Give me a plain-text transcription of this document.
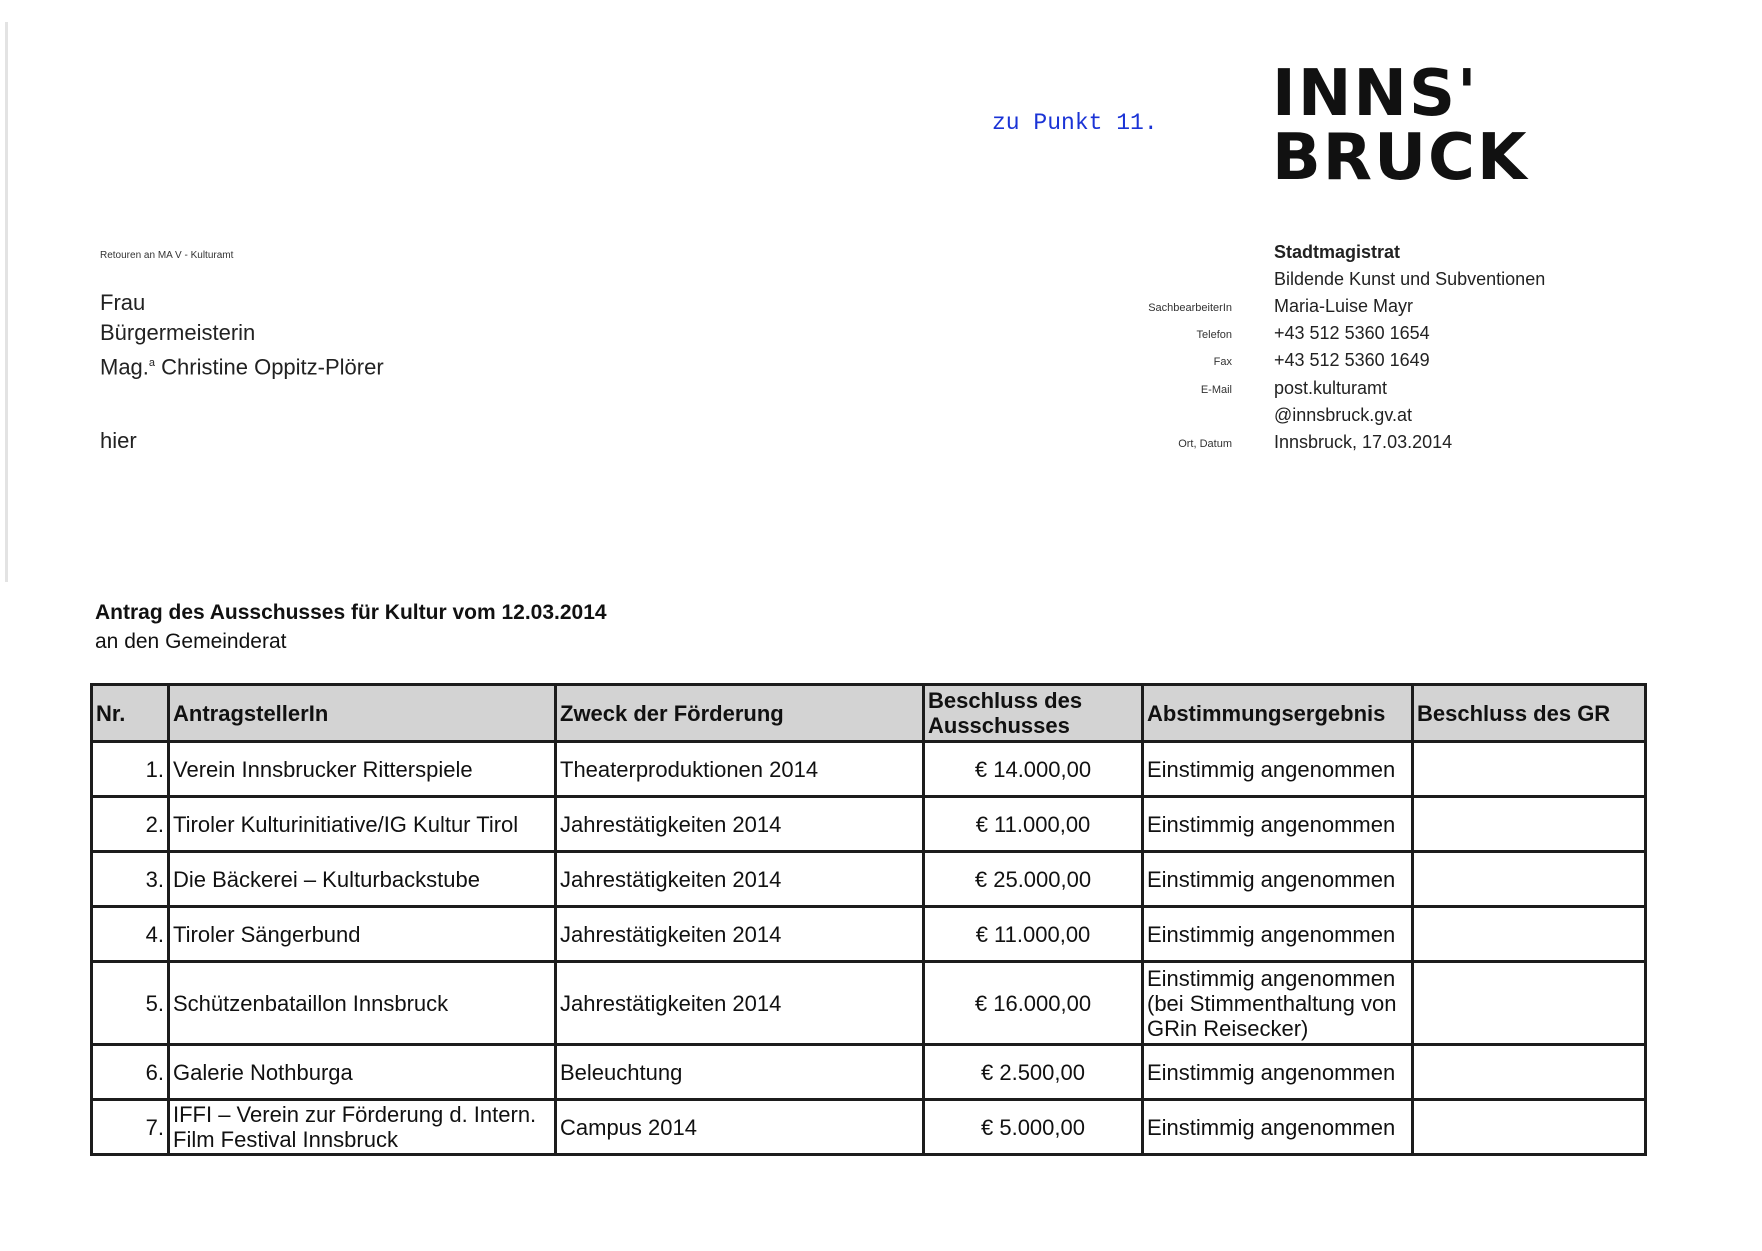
zu Punkt 11. INNS'
BRUCK
Retouren an MA V - Kulturamt
Frau
Bürgermeisterin
Mag.$^a$ Christine Oppitz-Plörer
hier
Stadtmagistrat
Bildende Kunst und Subventionen
SachbearbeiterIn Maria-Luise Mayr
Telefon +43 512 5360 1654
Fax +43 512 5360 1649
E-Mail post.kulturamt
@innsbruck.gv.at
Ort, Datum Innsbruck, 17.03.2014
Antrag des Ausschusses für Kultur vom 12.03.2014
an den Gemeinderat
Nr.	AntragstellerIn	Zweck der Förderung	Beschluss des Ausschusses	Abstimmungsergebnis	Beschluss des GR
1.	Verein Innsbrucker Ritterspiele	Theaterproduktionen 2014	€ 14.000,00	Einstimmig angenommen	
2.	Tiroler Kulturinitiative/IG Kultur Tirol	Jahrestätigkeiten 2014	€ 11.000,00	Einstimmig angenommen	
3.	Die Bäckerei – Kulturbackstube	Jahrestätigkeiten 2014	€ 25.000,00	Einstimmig angenommen	
4.	Tiroler Sängerbund	Jahrestätigkeiten 2014	€ 11.000,00	Einstimmig angenommen	
5.	Schützenbataillon Innsbruck	Jahrestätigkeiten 2014	€ 16.000,00	Einstimmig angenommen (bei Stimmenthaltung von GRin Reisecker)	
6.	Galerie Nothburga	Beleuchtung	€ 2.500,00	Einstimmig angenommen	
7.	IFFI – Verein zur Förderung d. Intern. Film Festival Innsbruck	Campus 2014	€ 5.000,00	Einstimmig angenommen	
